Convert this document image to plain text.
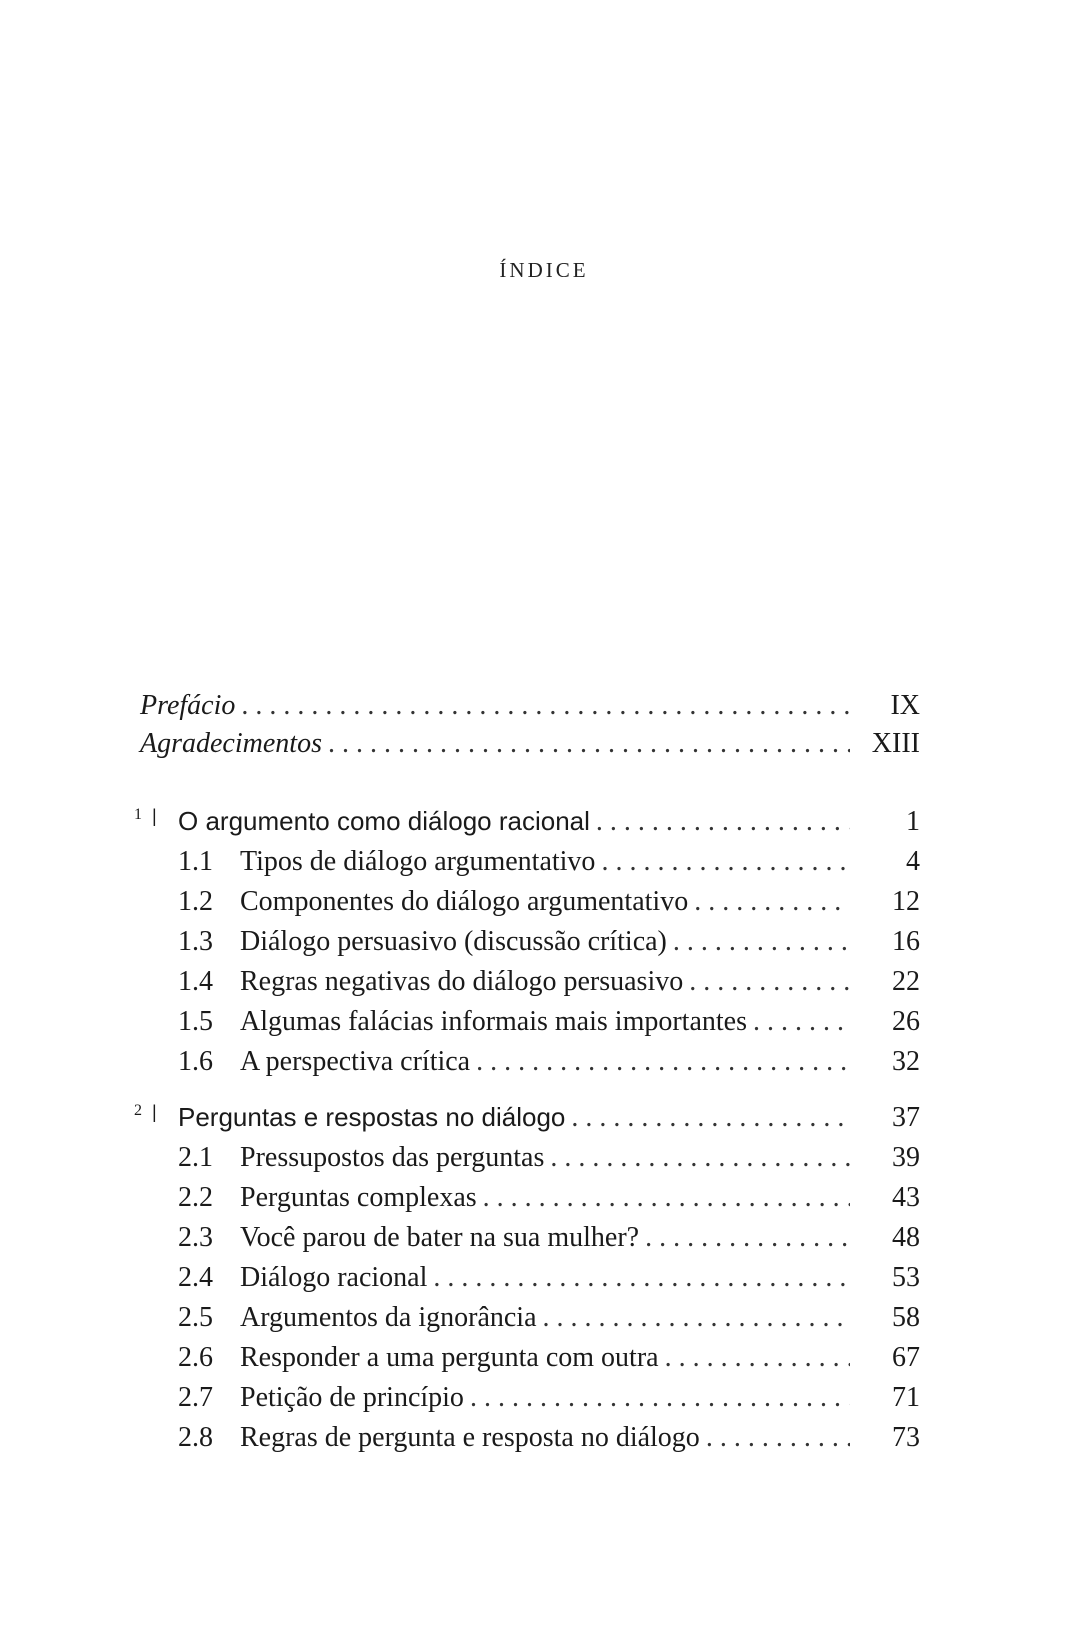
ÍNDICE
Prefácio . . .	IX
Agradecimentos . . .	XIII
1 | O argumento como diálogo racional . . .	1
1.1 Tipos de diálogo argumentativo . . .	4
1.2 Componentes do diálogo argumentativo . . .	12
1.3 Diálogo persuasivo (discussão crítica) . . .	16
1.4 Regras negativas do diálogo persuasivo . . .	22
1.5 Algumas falácias informais mais importantes . . .	26
1.6 A perspectiva crítica . . .	32
2 | Perguntas e respostas no diálogo . . .	37
2.1 Pressupostos das perguntas . . .	39
2.2 Perguntas complexas . . .	43
2.3 Você parou de bater na sua mulher? . . .	48
2.4 Diálogo racional . . .	53
2.5 Argumentos da ignorância . . .	58
2.6 Responder a uma pergunta com outra . . .	67
2.7 Petição de princípio . . .	71
2.8 Regras de pergunta e resposta no diálogo . . .	73
